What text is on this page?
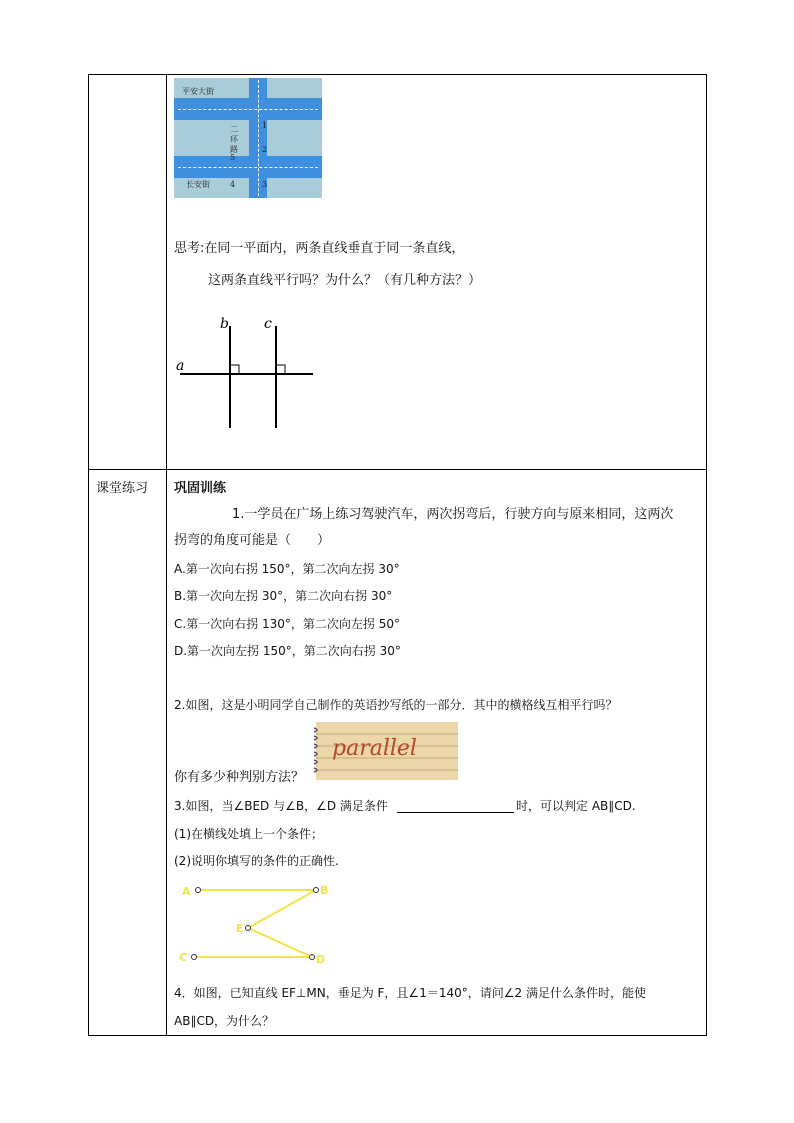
平安大街
二
环
路
1
2
5
3
4
长安街
思考:在同一平面内，两条直线垂直于同一条直线，
这两条直线平行吗？为什么？（有几种方法？）
a
b	c
课堂练习 巩固训练
1.一学员在广场上练习驾驶汽车，两次拐弯后，行驶方向与原来相同，这两次
拐弯的角度可能是（　　）
A.第一次向右拐 150°，第二次向左拐 30°
B.第一次向左拐 30°，第二次向右拐 30°
C.第一次向右拐 130°，第二次向左拐 50°
D.第一次向左拐 150°，第二次向右拐 30°
2.如图，这是小明同学自己制作的英语抄写纸的一部分．其中的横格线互相平行吗？
parallel
你有多少种判别方法？
3.如图，当∠BED 与∠B，∠D 满足条件	时，可以判定 AB∥CD.
(1)在横线处填上一个条件；
(2)说明你填写的条件的正确性.
A	B
E
C	D
4．如图，已知直线 EF⊥MN，垂足为 F，且∠1＝140°，请问∠2 满足什么条件时，能使
AB∥CD，为什么？
